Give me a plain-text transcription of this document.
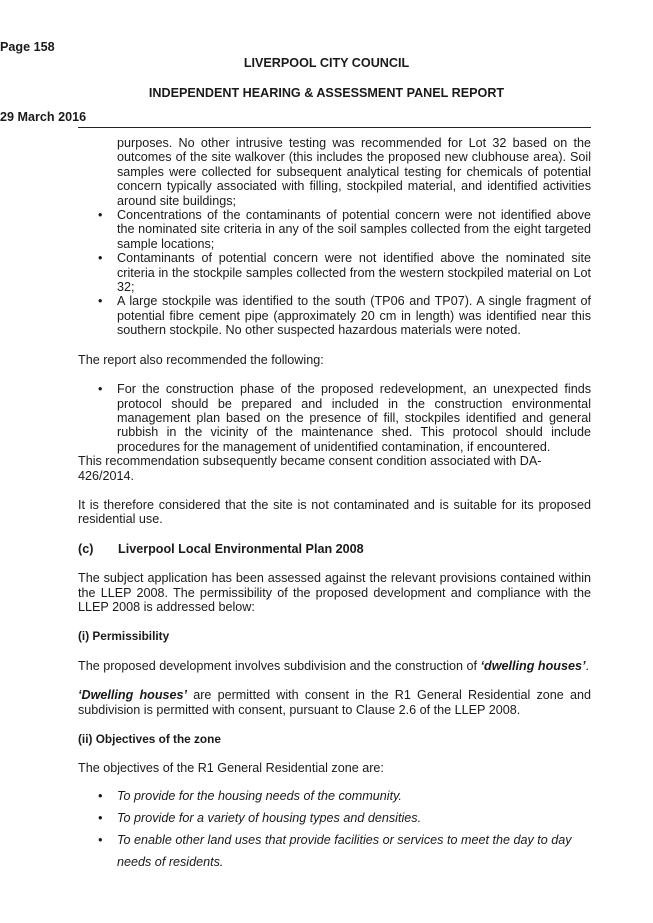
Page 158
LIVERPOOL CITY COUNCIL
INDEPENDENT HEARING & ASSESSMENT PANEL REPORT
29 March 2016

purposes. No other intrusive testing was recommended for Lot 32 based on the outcomes of the site walkover (this includes the proposed new clubhouse area). Soil samples were collected for subsequent analytical testing for chemicals of potential concern typically associated with filling, stockpiled material, and identified activities around site buildings;

• Concentrations of the contaminants of potential concern were not identified above the nominated site criteria in any of the soil samples collected from the eight targeted sample locations;
• Contaminants of potential concern were not identified above the nominated site criteria in the stockpile samples collected from the western stockpiled material on Lot 32;
• A large stockpile was identified to the south (TP06 and TP07). A single fragment of potential fibre cement pipe (approximately 20 cm in length) was identified near this southern stockpile. No other suspected hazardous materials were noted.

The report also recommended the following:

• For the construction phase of the proposed redevelopment, an unexpected finds protocol should be prepared and included in the construction environmental management plan based on the presence of fill, stockpiles identified and general rubbish in the vicinity of the maintenance shed. This protocol should include procedures for the management of unidentified contamination, if encountered.

This recommendation subsequently became consent condition associated with DA-426/2014.

It is therefore considered that the site is not contaminated and is suitable for its proposed residential use.

(c)	Liverpool Local Environmental Plan 2008

The subject application has been assessed against the relevant provisions contained within the LLEP 2008. The permissibility of the proposed development and compliance with the LLEP 2008 is addressed below:

(i) Permissibility

The proposed development involves subdivision and the construction of ‘dwelling houses’.

‘Dwelling houses’ are permitted with consent in the R1 General Residential zone and subdivision is permitted with consent, pursuant to Clause 2.6 of the LLEP 2008.

(ii) Objectives of the zone

The objectives of the R1 General Residential zone are:

• To provide for the housing needs of the community.
• To provide for a variety of housing types and densities.
• To enable other land uses that provide facilities or services to meet the day to day needs of residents.
